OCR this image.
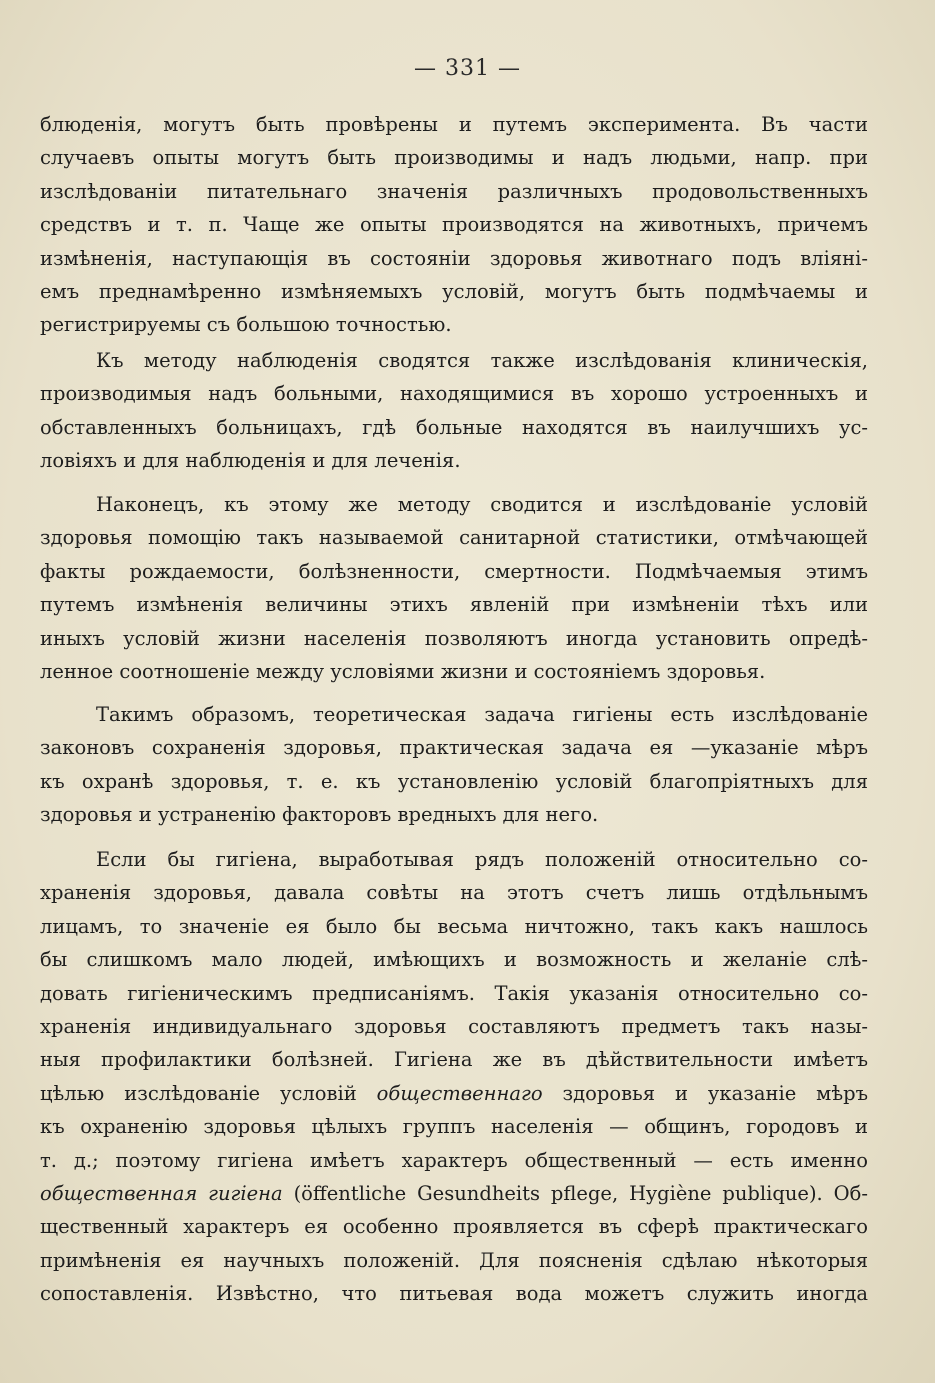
— 331 —
блюденія, могутъ быть провѣрены и путемъ эксперимента. Въ части
случаевъ опыты могутъ быть производимы и надъ людьми, напр. при
изслѣдованіи питательнаго значенія различныхъ продовольственныхъ
средствъ и т. п. Чаще же опыты производятся на животныхъ, причемъ
измѣненія, наступающія въ состояніи здоровья животнаго подъ вліяні-
емъ преднамѣренно измѣняемыхъ условій, могутъ быть подмѣчаемы и
регистрируемы съ большою точностью.
Къ методу наблюденія сводятся также изслѣдованія клиническія,
производимыя надъ больными, находящимися въ хорошо устроенныхъ и
обставленныхъ больницахъ, гдѣ больные находятся въ наилучшихъ ус-
ловіяхъ и для наблюденія и для леченія.
Наконецъ, къ этому же методу сводится и изслѣдованіе условій
здоровья помощію такъ называемой санитарной статистики, отмѣчающей
факты рождаемости, болѣзненности, смертности. Подмѣчаемыя этимъ
путемъ измѣненія величины этихъ явленій при измѣненіи тѣхъ или
иныхъ условій жизни населенія позволяютъ иногда установить опредѣ-
ленное соотношеніе между условіями жизни и состояніемъ здоровья.
Такимъ образомъ, теоретическая задача гигіены есть изслѣдованіе
законовъ сохраненія здоровья, практическая задача ея —указаніе мѣръ
къ охранѣ здоровья, т. е. къ установленію условій благопріятныхъ для
здоровья и устраненію факторовъ вредныхъ для него.
Если бы гигіена, выработывая рядъ положеній относительно со-
храненія здоровья, давала совѣты на этотъ счетъ лишь отдѣльнымъ
лицамъ, то значеніе ея было бы весьма ничтожно, такъ какъ нашлось
бы слишкомъ мало людей, имѣющихъ и возможность и желаніе слѣ-
довать гигіеническимъ предписаніямъ. Такія указанія относительно со-
храненія индивидуальнаго здоровья составляютъ предметъ такъ назы-
ныя профилактики болѣзней. Гигіена же въ дѣйствительности имѣетъ
цѣлью изслѣдованіе условій общественнаго здоровья и указаніе мѣръ
къ охраненію здоровья цѣлыхъ группъ населенія — общинъ, городовъ и
т. д.; поэтому гигіена имѣетъ характеръ общественный — есть именно
общественная гигіена (öffentliche Gesundheits pflege, Hygiène publique). Об-
щественный характеръ ея особенно проявляется въ сферѣ практическаго
примѣненія ея научныхъ положеній. Для поясненія сдѣлаю нѣкоторыя
сопоставленія. Извѣстно, что питьевая вода можетъ служить иногда
